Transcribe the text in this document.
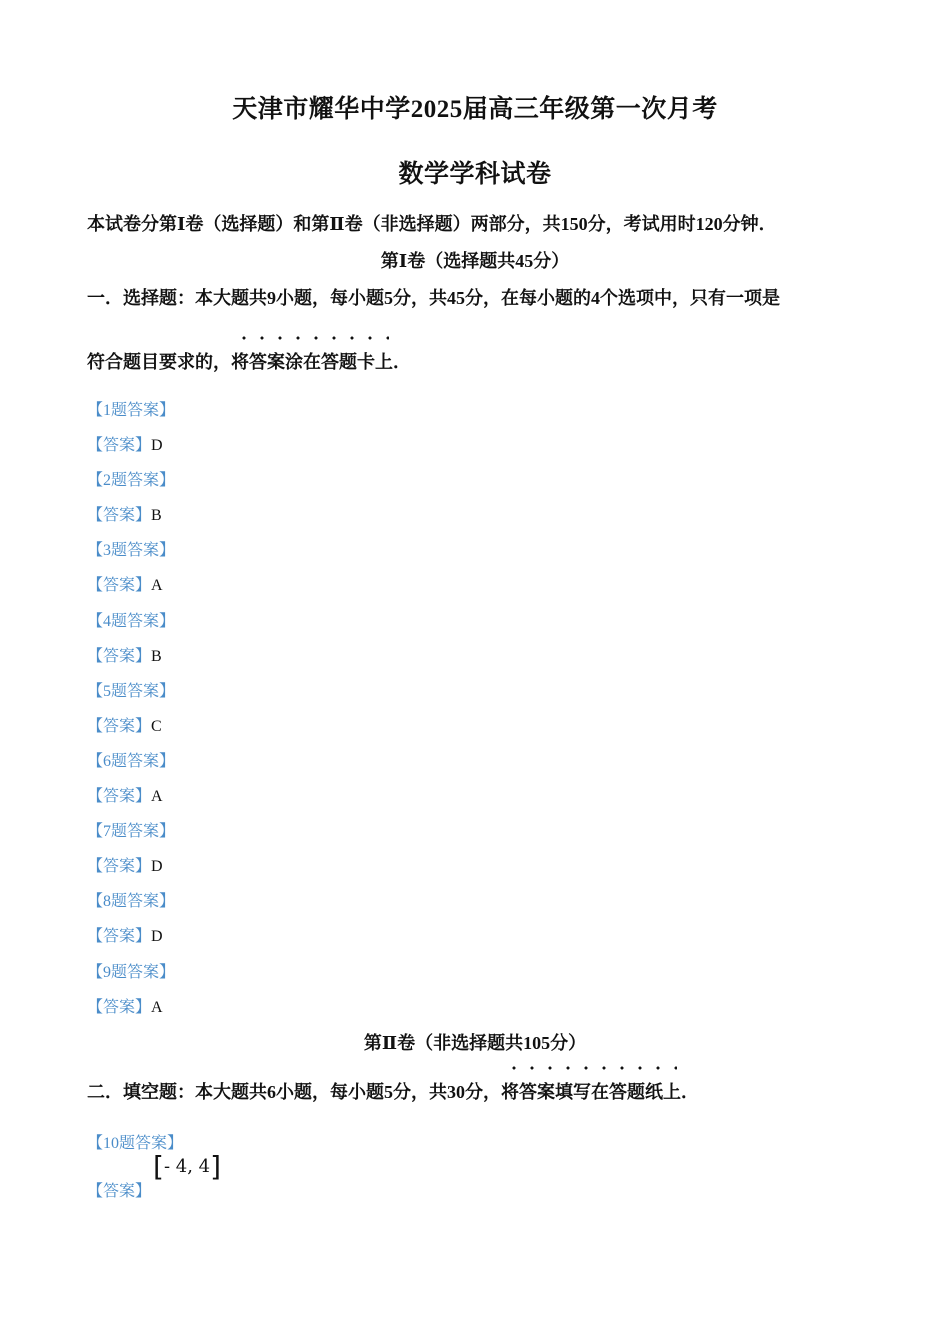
天津市耀华中学2025届高三年级第一次月考
数学学科试卷
本试卷分第Ⅰ卷（选择题）和第Ⅱ卷（非选择题）两部分，共150分，考试用时120分钟．
第Ⅰ卷（选择题共45分）
一．选择题：本大题共9小题，每小题5分，共45分，在每小题的4个选项中，只有一项是
符合题目要求的，将答案涂在答题卡上．
【1题答案】
【答案】D
【2题答案】
【答案】B
【3题答案】
【答案】A
【4题答案】
【答案】B
【5题答案】
【答案】C
【6题答案】
【答案】A
【7题答案】
【答案】D
【8题答案】
【答案】D
【9题答案】
【答案】A
第Ⅱ卷（非选择题共105分）
二．填空题：本大题共6小题，每小题5分，共30分，将答案填写在答题纸上．
【10题答案】
【答案】[- 4, 4]
